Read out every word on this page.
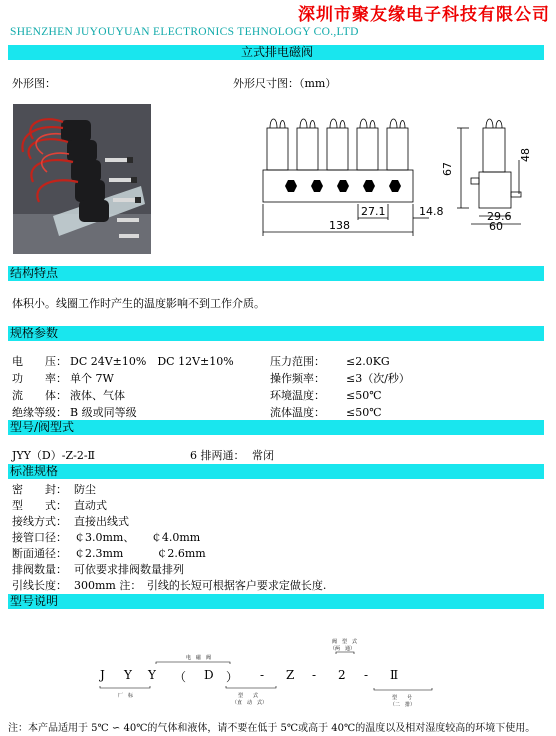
深圳市聚友缘电子科技有限公司
SHENZHEN JUYOUYUAN ELECTRONICS TEHNOLOGY CO.,LTD
立式排电磁阀
外形图：	外形尺寸图：（mm）
138
27.1	14.8
67
48
60
29.6
结构特点
体积小。线圈工作时产生的温度影响不到工作介质。
规格参数
电　　压： DC 24V±10%　DC 12V±10%	压力范围： ≤2.0KG
功　　率： 单个 7W	操作频率： ≤3（次/秒）
流　　体： 液体、气体	环境温度： ≤50℃
绝缘等级： B 级或同等级	流体温度： ≤50℃
型号/阀型式
JYY（D）-Z-2-Ⅱ	6 排两通： 常闭
标准规格
密　　封： 防尘
型　　式： 直动式
接线方式： 直接出线式
接管口径： ￠3.0mm、　　￠4.0mm
断面通径： ￠2.3mm　　　￠2.6mm
排阀数量： 可依要求排阀数量排列
引线长度： 300mm 注：　引线的长短可根据客户要求定做长度.
型号说明
电　磁　阀
阀　型　式
（两　通）
J Y Y （ D ） - Z - 2 - Ⅱ
厂　标	型　　式
（直　动　式）
型　　号
（二　排）
注：本产品适用于 5℃ ∽ 40℃的气体和液体，请不要在低于 5℃或高于 40℃的温度以及相对湿度较高的环境下使用。
